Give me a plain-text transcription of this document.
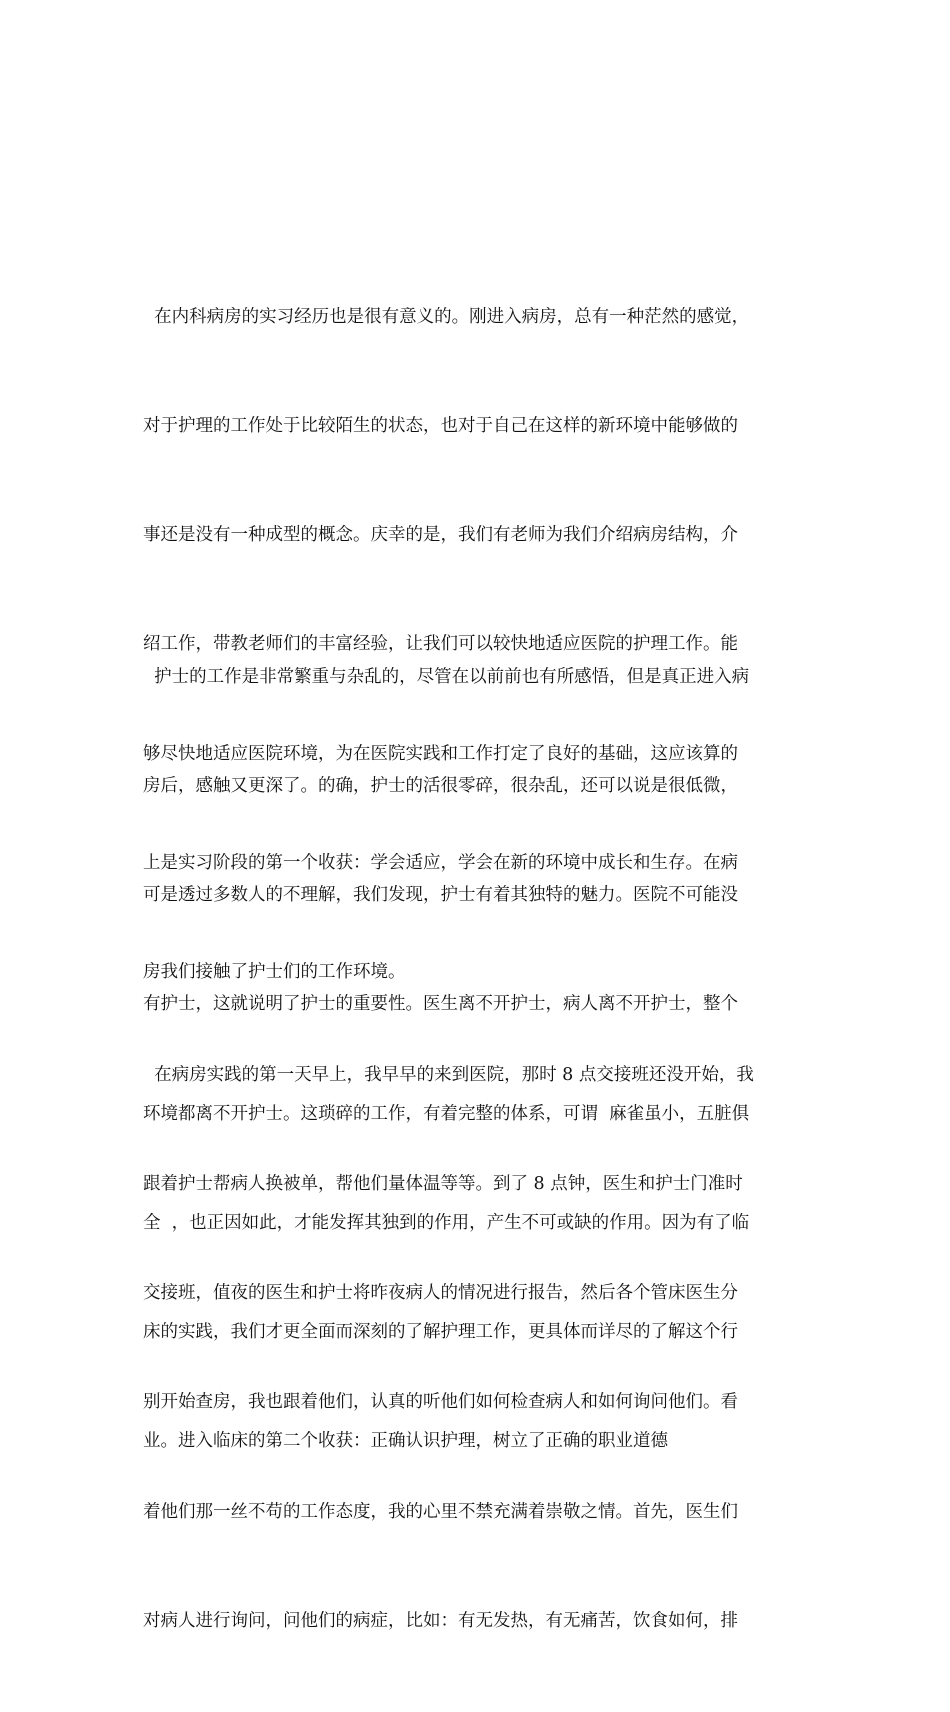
在内科病房的实习经历也是很有意义的。刚进入病房，总有一种茫然的感觉，

对于护理的工作处于比较陌生的状态，也对于自己在这样的新环境中能够做的

事还是没有一种成型的概念。庆幸的是，我们有老师为我们介绍病房结构，介

绍工作，带教老师们的丰富经验，让我们可以较快地适应医院的护理工作。能

够尽快地适应医院环境，为在医院实践和工作打定了良好的基础，这应该算的

上是实习阶段的第一个收获：学会适应，学会在新的环境中成长和生存。在病

房我们接触了护士们的工作环境。

护士的工作是非常繁重与杂乱的，尽管在以前前也有所感悟，但是真正进入病

房后，感触又更深了。的确，护士的活很零碎，很杂乱，还可以说是很低微，

可是透过多数人的不理解，我们发现，护士有着其独特的魅力。医院不可能没

有护士，这就说明了护士的重要性。医生离不开护士，病人离不开护士，整个

环境都离不开护士。这琐碎的工作，有着完整的体系，可谓  麻雀虽小，五脏俱

全  ，也正因如此，才能发挥其独到的作用，产生不可或缺的作用。因为有了临

床的实践，我们才更全面而深刻的了解护理工作，更具体而详尽的了解这个行

业。进入临床的第二个收获：正确认识护理，树立了正确的职业道德

在病房实践的第一天早上，我早早的来到医院，那时 8 点交接班还没开始，我

跟着护士帮病人换被单，帮他们量体温等等。到了 8 点钟，医生和护士门准时

交接班，值夜的医生和护士将昨夜病人的情况进行报告，然后各个管床医生分

别开始查房，我也跟着他们，认真的听他们如何检查病人和如何询问他们。看

着他们那一丝不苟的工作态度，我的心里不禁充满着崇敬之情。首先，医生们

对病人进行询问，问他们的病症，比如：有无发热，有无痛苦，饮食如何，排
